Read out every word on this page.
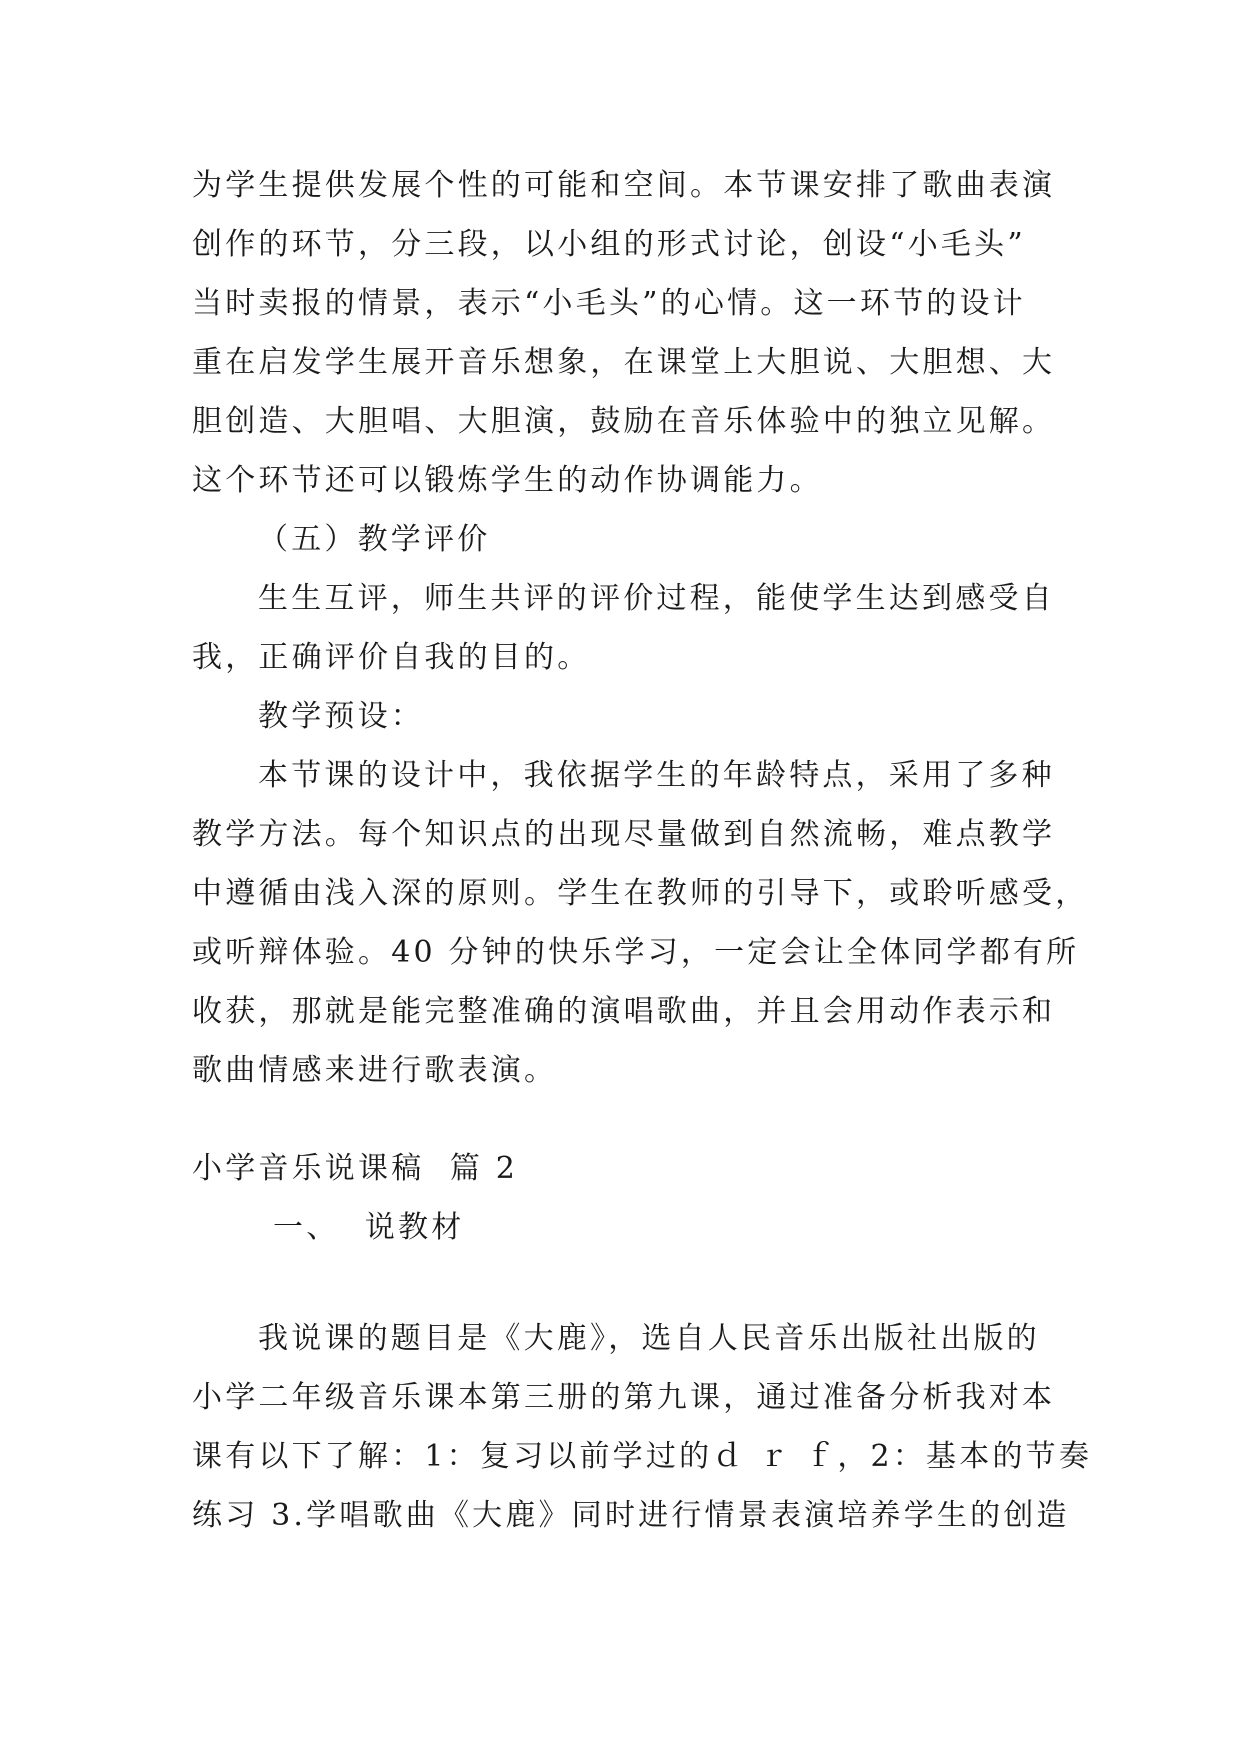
为学生提供发展个性的可能和空间。本节课安排了歌曲表演
创作的环节，分三段，以小组的形式讨论，创设“小毛头”
当时卖报的情景，表示“小毛头”的心情。这一环节的设计
重在启发学生展开音乐想象，在课堂上大胆说、大胆想、大
胆创造、大胆唱、大胆演，鼓励在音乐体验中的独立见解。
这个环节还可以锻炼学生的动作协调能力。
（五）教学评价
生生互评，师生共评的评价过程，能使学生达到感受自
我，正确评价自我的目的。
教学预设：
本节课的设计中，我依据学生的年龄特点，采用了多种
教学方法。每个知识点的出现尽量做到自然流畅，难点教学
中遵循由浅入深的原则。学生在教师的引导下，或聆听感受，
或听辩体验。40 分钟的快乐学习，一定会让全体同学都有所
收获，那就是能完整准确的演唱歌曲，并且会用动作表示和
歌曲情感来进行歌表演。
小学音乐说课稿  篇 2
一、  说教材
我说课的题目是《大鹿》，选自人民音乐出版社出版的
小学二年级音乐课本第三册的第九课，通过准备分析我对本
课有以下了解：1：复习以前学过的ｄ ｒ ｆ，2：基本的节奏
练习 3.学唱歌曲《大鹿》同时进行情景表演培养学生的创造
